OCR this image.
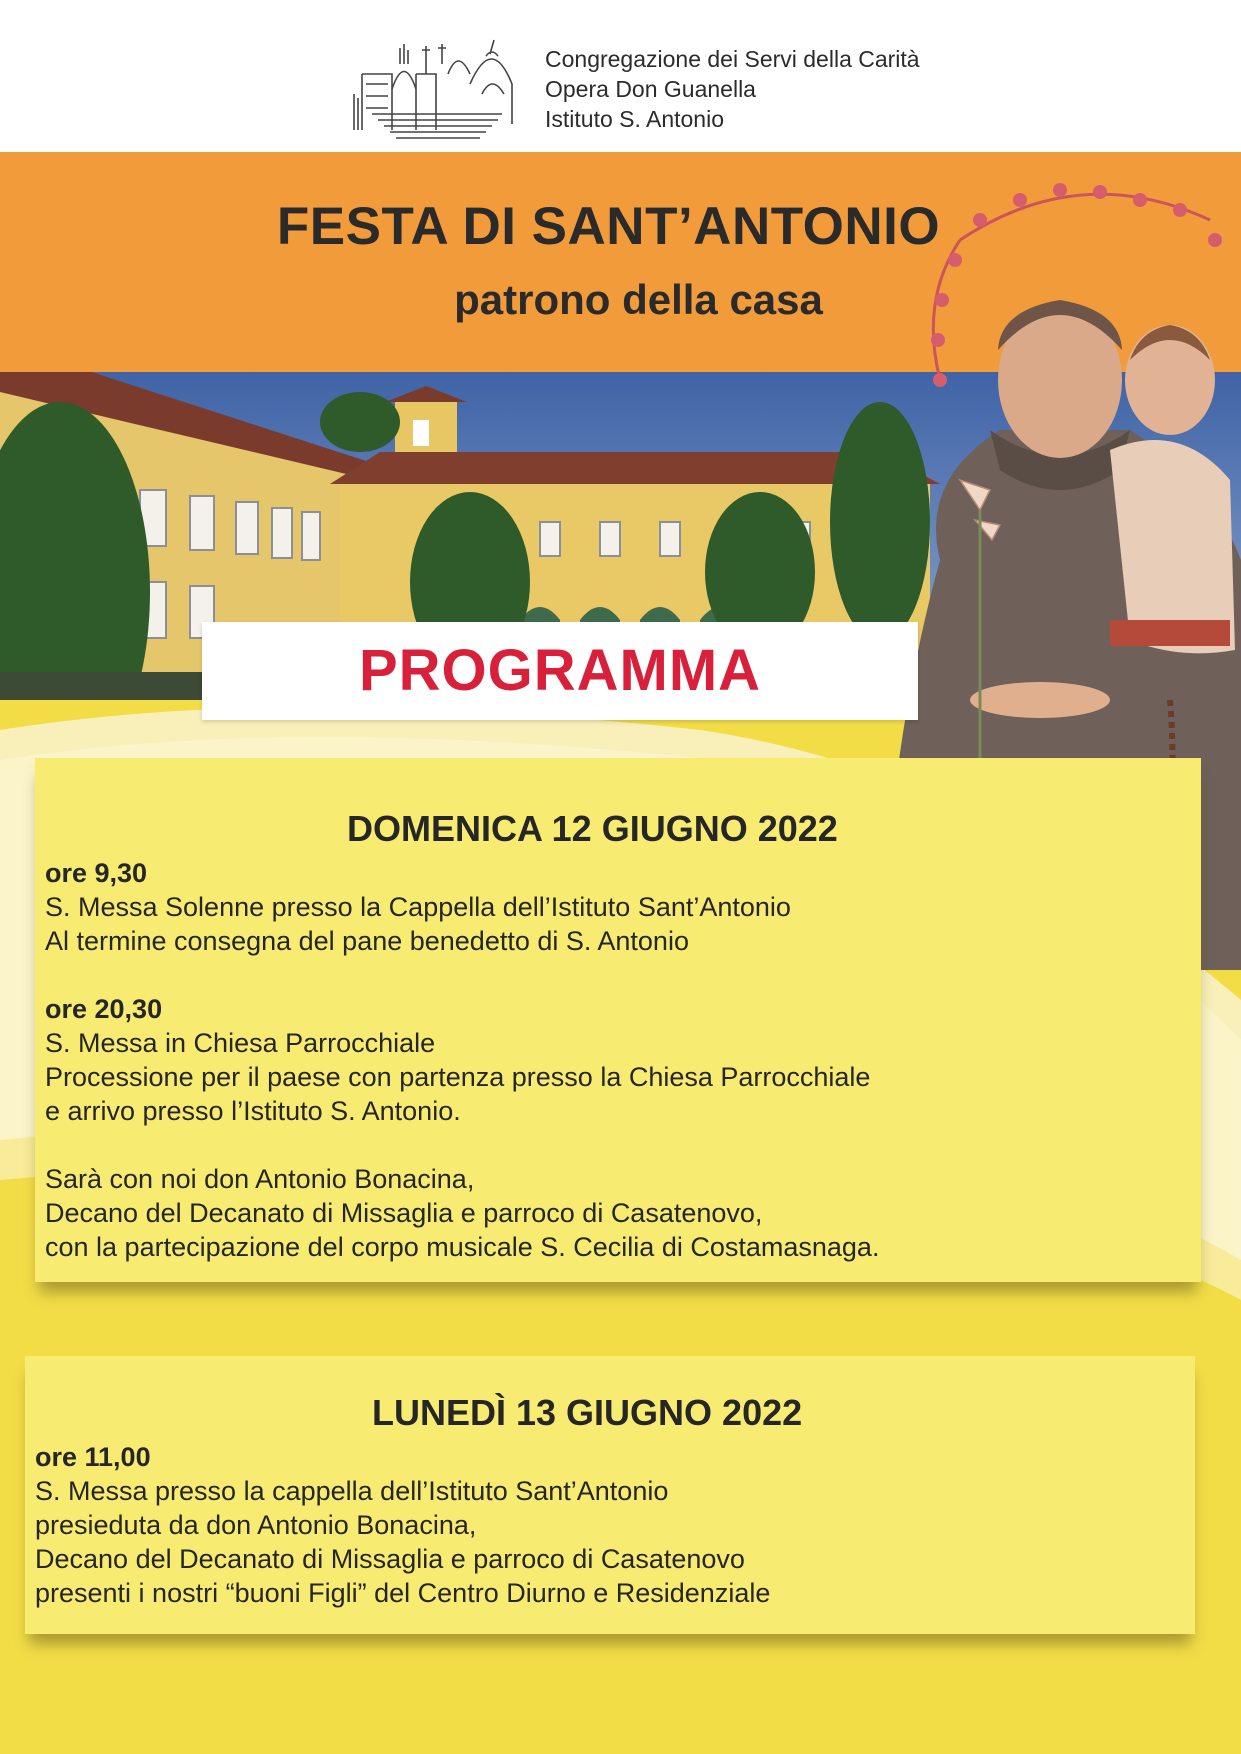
Congregazione dei Servi della Carità
Opera Don Guanella
Istituto S. Antonio
FESTA DI SANT’ANTONIO
patrono della casa
PROGRAMMA
DOMENICA 12 GIUGNO 2022
ore 9,30
S. Messa Solenne presso la Cappella dell’Istituto Sant’Antonio
Al termine consegna del pane benedetto di S. Antonio
ore 20,30
S. Messa in Chiesa Parrocchiale
Processione per il paese con partenza presso la Chiesa Parrocchiale
e arrivo presso l’Istituto S. Antonio.
Sarà con noi don Antonio Bonacina,
Decano del Decanato di Missaglia e parroco di Casatenovo,
con la partecipazione del corpo musicale S. Cecilia di Costamasnaga.
LUNEDÌ 13 GIUGNO 2022
ore 11,00
S. Messa presso la cappella dell’Istituto Sant’Antonio
presieduta da don Antonio Bonacina,
Decano del Decanato di Missaglia e parroco di Casatenovo
presenti i nostri “buoni Figli” del Centro Diurno e Residenziale
